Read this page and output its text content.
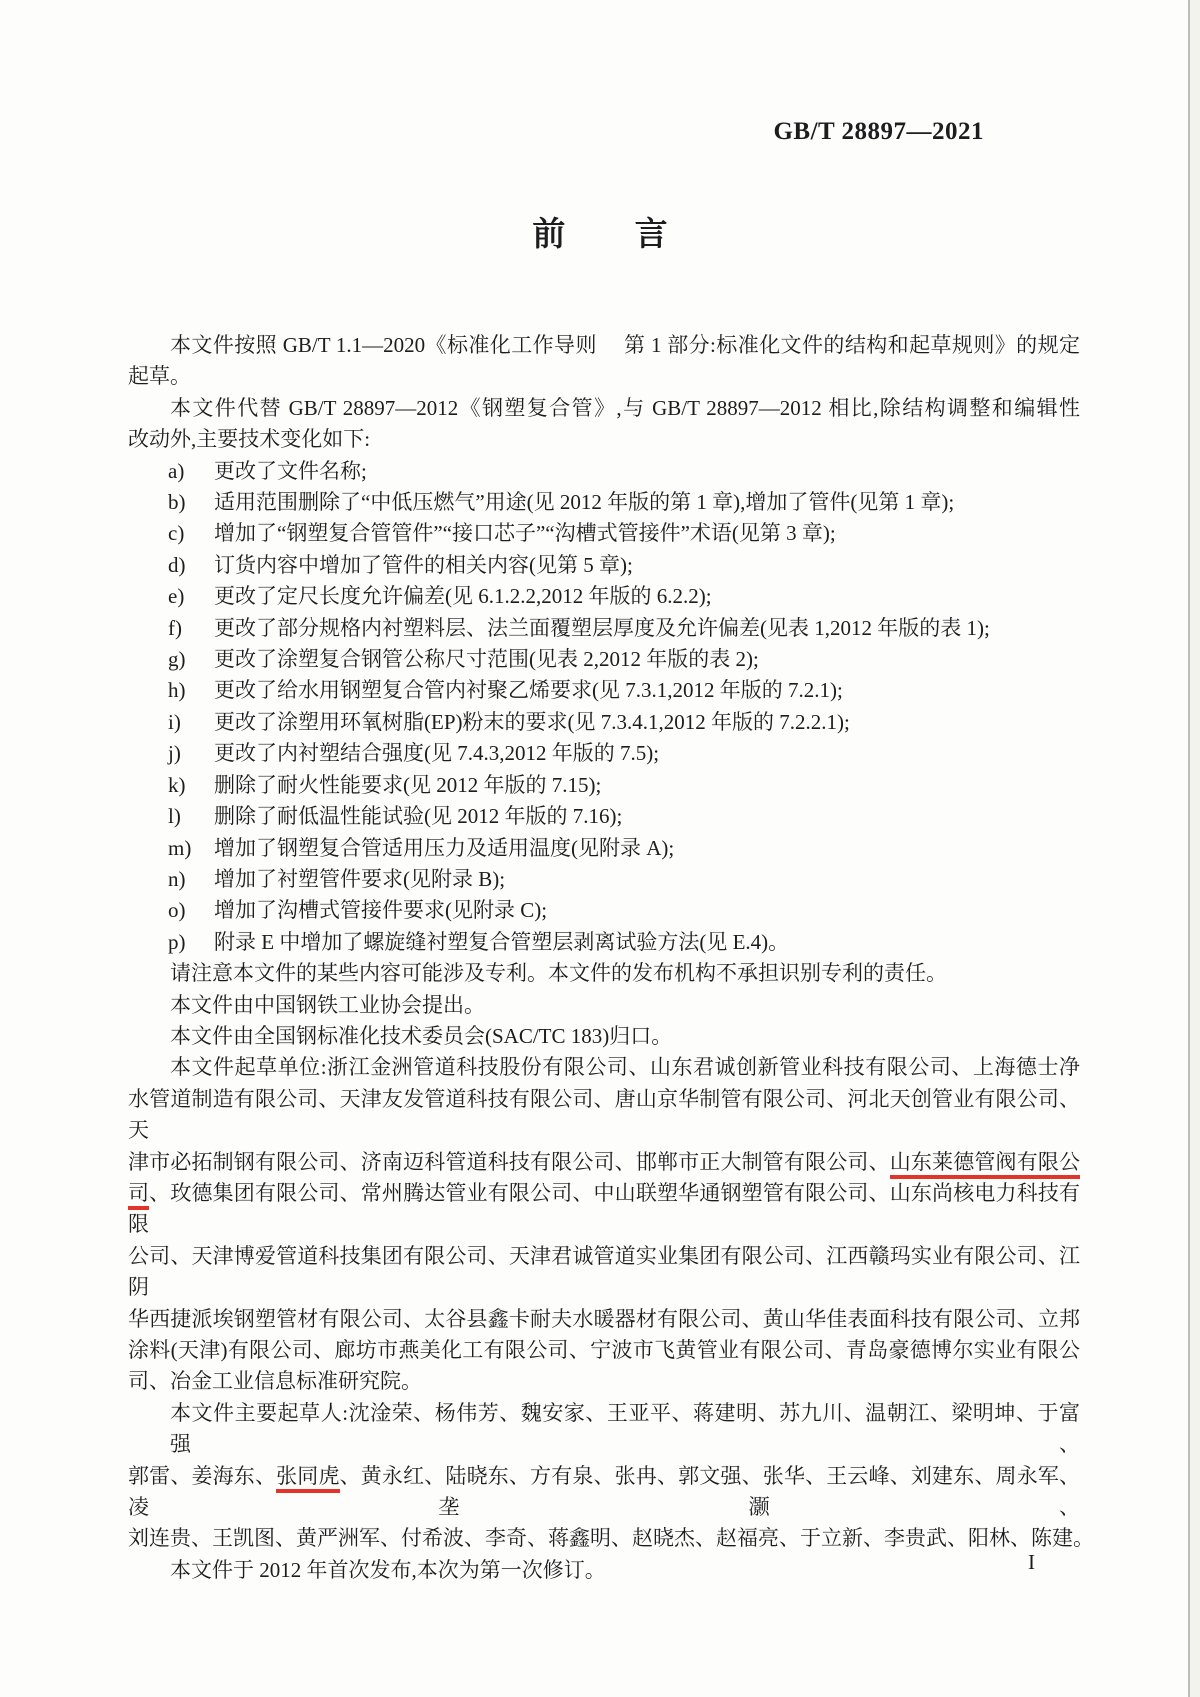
GB/T 28897—2021
前言
本文件按照 GB/T 1.1—2020《标准化工作导则　 第 1 部分:标准化文件的结构和起草规则》的规定
起草。
本文件代替 GB/T 28897—2012《钢塑复合管》,与 GB/T 28897—2012 相比,除结构调整和编辑性
改动外,主要技术变化如下:
a) 更改了文件名称;
b) 适用范围删除了“中低压燃气”用途(见 2012 年版的第 1 章),增加了管件(见第 1 章);
c) 增加了“钢塑复合管管件”“接口芯子”“沟槽式管接件”术语(见第 3 章);
d) 订货内容中增加了管件的相关内容(见第 5 章);
e) 更改了定尺长度允许偏差(见 6.1.2.2,2012 年版的 6.2.2);
f) 更改了部分规格内衬塑料层、法兰面覆塑层厚度及允许偏差(见表 1,2012 年版的表 1);
g) 更改了涂塑复合钢管公称尺寸范围(见表 2,2012 年版的表 2);
h) 更改了给水用钢塑复合管内衬聚乙烯要求(见 7.3.1,2012 年版的 7.2.1);
i) 更改了涂塑用环氧树脂(EP)粉末的要求(见 7.3.4.1,2012 年版的 7.2.2.1);
j) 更改了内衬塑结合强度(见 7.4.3,2012 年版的 7.5);
k) 删除了耐火性能要求(见 2012 年版的 7.15);
l) 删除了耐低温性能试验(见 2012 年版的 7.16);
m) 增加了钢塑复合管适用压力及适用温度(见附录 A);
n) 增加了衬塑管件要求(见附录 B);
o) 增加了沟槽式管接件要求(见附录 C);
p) 附录 E 中增加了螺旋缝衬塑复合管塑层剥离试验方法(见 E.4)。
请注意本文件的某些内容可能涉及专利。本文件的发布机构不承担识别专利的责任。
本文件由中国钢铁工业协会提出。
本文件由全国钢标准化技术委员会(SAC/TC 183)归口。
本文件起草单位:浙江金洲管道科技股份有限公司、山东君诚创新管业科技有限公司、上海德士净
水管道制造有限公司、天津友发管道科技有限公司、唐山京华制管有限公司、河北天创管业有限公司、天
津市必拓制钢有限公司、济南迈科管道科技有限公司、邯郸市正大制管有限公司、山东莱德管阀有限公
司、玫德集团有限公司、常州腾达管业有限公司、中山联塑华通钢塑管有限公司、山东尚核电力科技有限
公司、天津博爱管道科技集团有限公司、天津君诚管道实业集团有限公司、江西赣玛实业有限公司、江阴
华西捷派埃钢塑管材有限公司、太谷县鑫卡耐夫水暖器材有限公司、黄山华佳表面科技有限公司、立邦
涂料(天津)有限公司、廊坊市燕美化工有限公司、宁波市飞黄管业有限公司、青岛豪德博尔实业有限公
司、冶金工业信息标准研究院。
本文件主要起草人:沈淦荣、杨伟芳、魏安家、王亚平、蒋建明、苏九川、温朝江、梁明坤、于富强、
郭雷、姜海东、张同虎、黄永红、陆晓东、方有泉、张冉、郭文强、张华、王云峰、刘建东、周永军、凌垄灏、
刘连贵、王凯图、黄严洲军、付希波、李奇、蒋鑫明、赵晓杰、赵福亮、于立新、李贵武、阳林、陈建。
本文件于 2012 年首次发布,本次为第一次修订。	I
